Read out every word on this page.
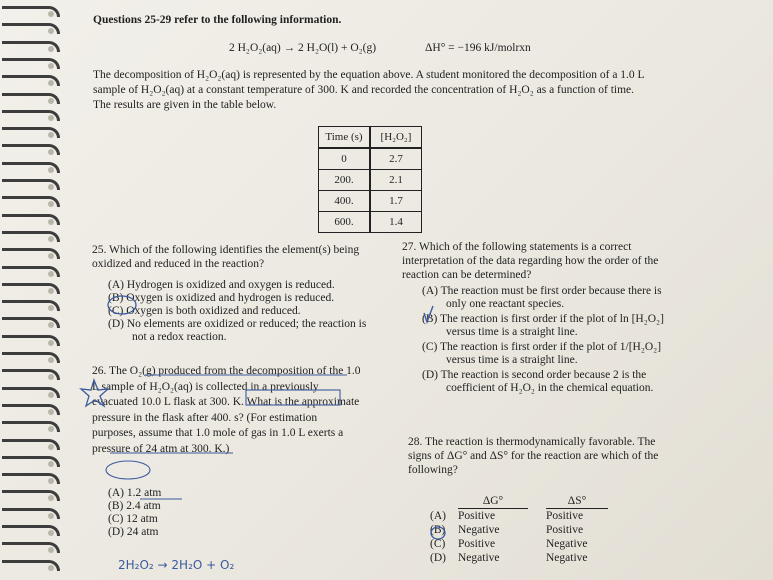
Questions 25-29 refer to the following information.
2 H₂O₂(aq) → 2 H₂O(l) + O₂(g)	ΔH° = −196 kJ/molrxn
The decomposition of H₂O₂(aq) is represented by the equation above. A student monitored the decomposition of a 1.0 L sample of H₂O₂(aq) at a constant temperature of 300. K and recorded the concentration of H₂O₂ as a function of time. The results are given in the table below.
Time (s)	[H₂O₂]
0	2.7
200.	2.1
400.	1.7
600.	1.4
25. Which of the following identifies the element(s) being oxidized and reduced in the reaction?
(A) Hydrogen is oxidized and oxygen is reduced.
(B) Oxygen is oxidized and hydrogen is reduced.
(C) Oxygen is both oxidized and reduced.
(D) No elements are oxidized or reduced; the reaction is not a redox reaction.
26. The O₂(g) produced from the decomposition of the 1.0 L sample of H₂O₂(aq) is collected in a previously evacuated 10.0 L flask at 300. K. What is the approximate pressure in the flask after 400. s? (For estimation purposes, assume that 1.0 mole of gas in 1.0 L exerts a pressure of 24 atm at 300. K.)
(A) 1.2 atm
(B) 2.4 atm
(C) 12 atm
(D) 24 atm
27. Which of the following statements is a correct interpretation of the data regarding how the order of the reaction can be determined?
(A) The reaction must be first order because there is only one reactant species.
(B) The reaction is first order if the plot of ln [H₂O₂] versus time is a straight line.
(C) The reaction is first order if the plot of 1/[H₂O₂] versus time is a straight line.
(D) The reaction is second order because 2 is the coefficient of H₂O₂ in the chemical equation.
28. The reaction is thermodynamically favorable. The signs of ΔG° and ΔS° for the reaction are which of the following?
	ΔG°		ΔS°
(A)	Positive		Positive
(B)	Negative		Positive
(C)	Positive		Negative
(D)	Negative		Negative
2H₂O₂ → 2H₂O + O₂
